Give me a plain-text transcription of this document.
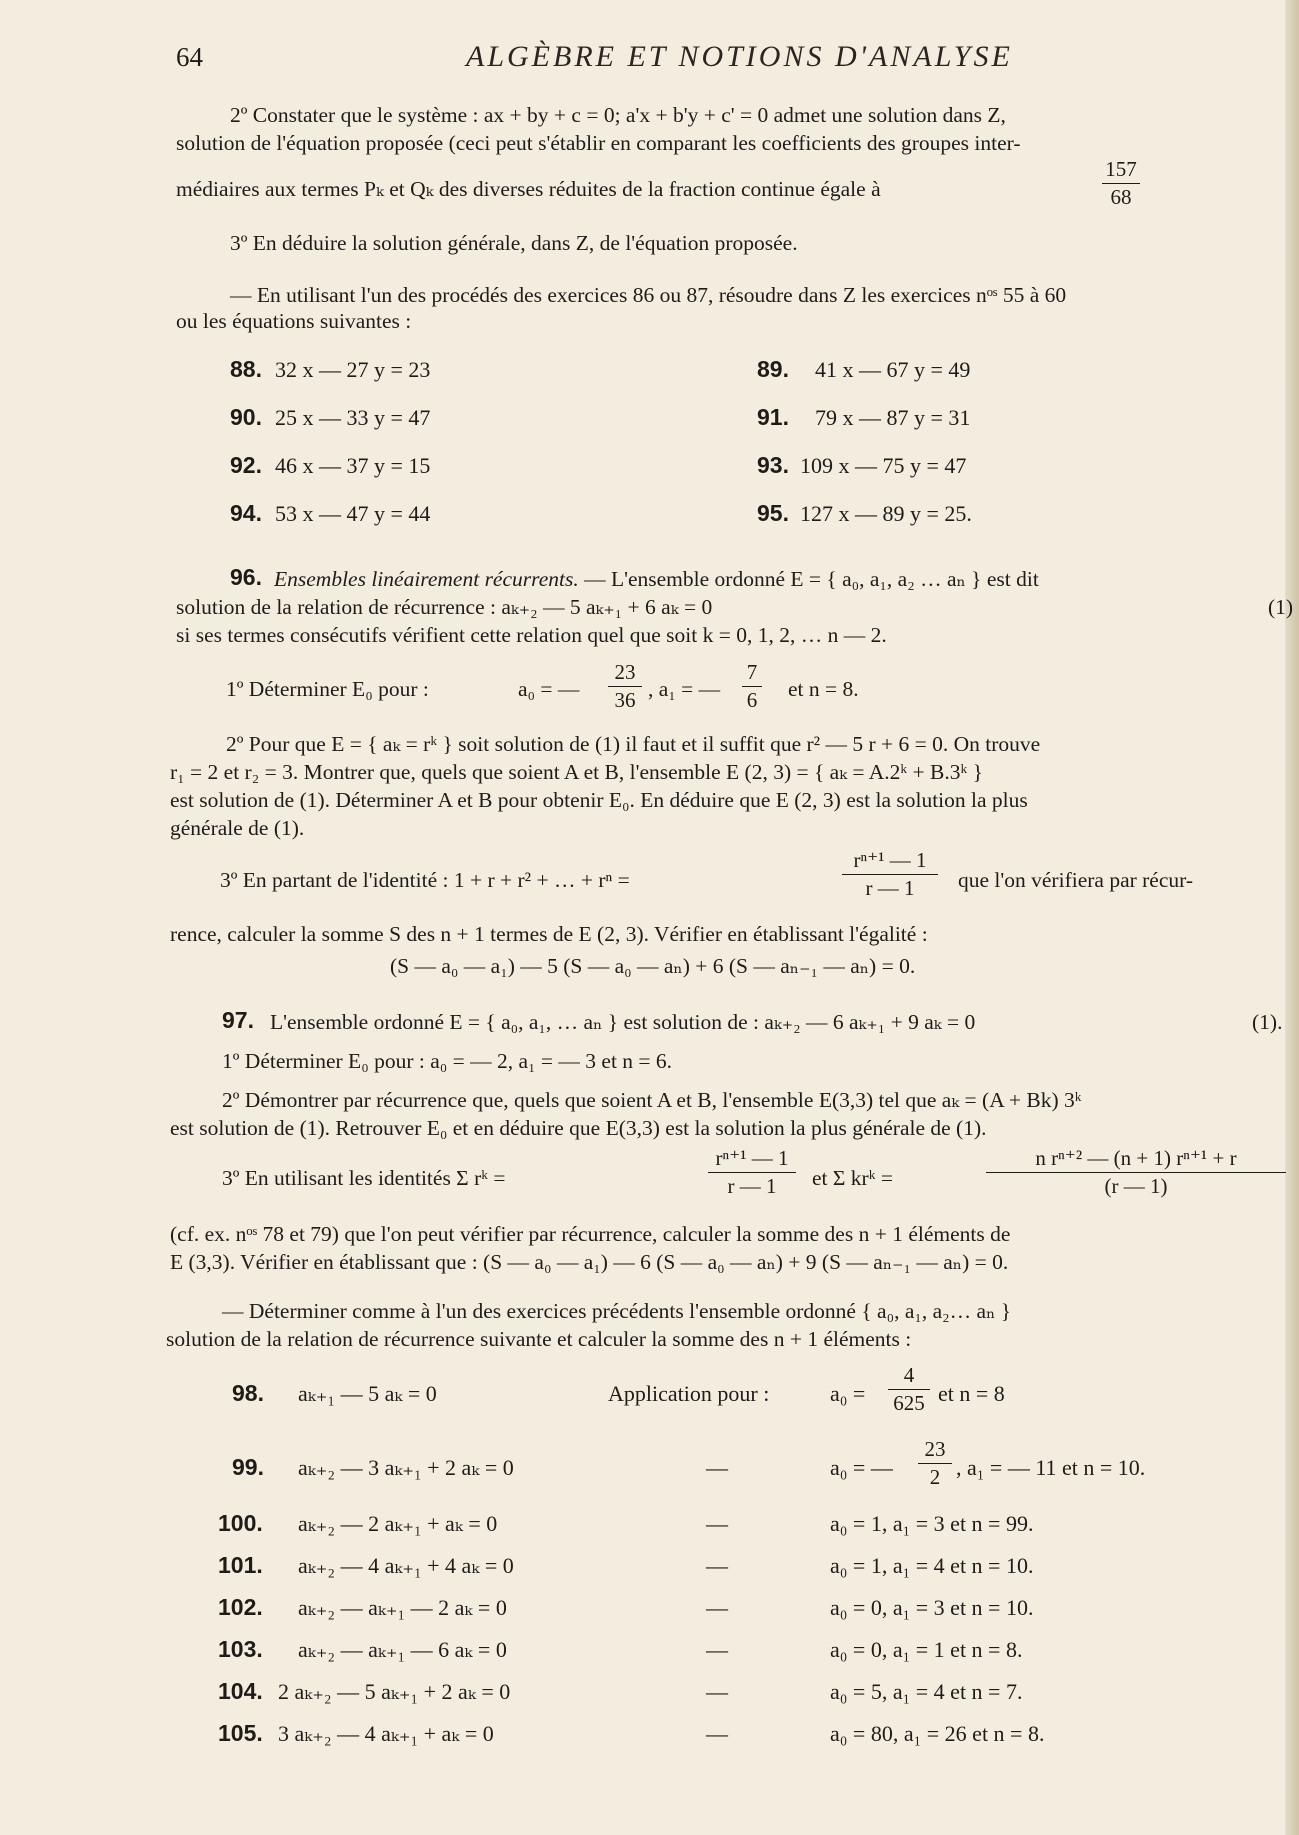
64	ALGÈBRE ET NOTIONS D'ANALYSE
2º Constater que le système : ax + by + c = 0; a'x + b'y + c' = 0 admet une solution dans Z,
solution de l'équation proposée (ceci peut s'établir en comparant les coefficients des groupes inter-
médiaires aux termes Pₖ et Qₖ des diverses réduites de la fraction continue égale à
157
68
3º En déduire la solution générale, dans Z, de l'équation proposée.
— En utilisant l'un des procédés des exercices 86 ou 87, résoudre dans Z les exercices nᵒˢ 55 à 60
ou les équations suivantes :
88. 32 x — 27 y = 23	89. 41 x — 67 y = 49
90. 25 x — 33 y = 47	91. 79 x — 87 y = 31
92. 46 x — 37 y = 15	93. 109 x — 75 y = 47
94. 53 x — 47 y = 44	95. 127 x — 89 y = 25.
96. Ensembles linéairement récurrents. — L'ensemble ordonné E = { a₀, a₁, a₂ … aₙ } est dit
solution de la relation de récurrence : aₖ₊₂ — 5 aₖ₊₁ + 6 aₖ = 0	(1)
si ses termes consécutifs vérifient cette relation quel que soit k = 0, 1, 2, … n — 2.
1º Déterminer E₀ pour :	a₀ = —
23
36 , a₁ = —
7
6 et n = 8.
2º Pour que E = { aₖ = rᵏ } soit solution de (1) il faut et il suffit que r² — 5 r + 6 = 0. On trouve
r₁ = 2 et r₂ = 3. Montrer que, quels que soient A et B, l'ensemble E (2, 3) = { aₖ = A.2ᵏ + B.3ᵏ }
est solution de (1). Déterminer A et B pour obtenir E₀. En déduire que E (2, 3) est la solution la plus
générale de (1).
3º En partant de l'identité : 1 + r + r² + … + rⁿ =
rⁿ⁺¹ — 1
r — 1	que l'on vérifiera par récur-
rence, calculer la somme S des n + 1 termes de E (2, 3). Vérifier en établissant l'égalité :
(S — a₀ — a₁) — 5 (S — a₀ — aₙ) + 6 (S — aₙ₋₁ — aₙ) = 0.
97. L'ensemble ordonné E = { a₀, a₁, … aₙ } est solution de : aₖ₊₂ — 6 aₖ₊₁ + 9 aₖ = 0	(1).
1º Déterminer E₀ pour : a₀ = — 2, a₁ = — 3 et n = 6.
2º Démontrer par récurrence que, quels que soient A et B, l'ensemble E(3,3) tel que aₖ = (A + Bk) 3ᵏ
est solution de (1). Retrouver E₀ et en déduire que E(3,3) est la solution la plus générale de (1).
3º En utilisant les identités Σ rᵏ =
rⁿ⁺¹ — 1
r — 1	et Σ krᵏ =
n rⁿ⁺² — (n + 1) rⁿ⁺¹ + r
(r — 1)
(cf. ex. nᵒˢ 78 et 79) que l'on peut vérifier par récurrence, calculer la somme des n + 1 éléments de
E (3,3). Vérifier en établissant que : (S — a₀ — a₁) — 6 (S — a₀ — aₙ) + 9 (S — aₙ₋₁ — aₙ) = 0.
— Déterminer comme à l'un des exercices précédents l'ensemble ordonné { a₀, a₁, a₂… aₙ }
solution de la relation de récurrence suivante et calculer la somme des n + 1 éléments :
98. aₖ₊₁ — 5 aₖ = 0	Application pour :	a₀ =
4
625 et n = 8
99. aₖ₊₂ — 3 aₖ₊₁ + 2 aₖ = 0	—	a₀ = —
23
2 , a₁ = — 11 et n = 10.
100. aₖ₊₂ — 2 aₖ₊₁ + aₖ = 0	—	a₀ = 1, a₁ = 3 et n = 99.
101. aₖ₊₂ — 4 aₖ₊₁ + 4 aₖ = 0	—	a₀ = 1, a₁ = 4 et n = 10.
102. aₖ₊₂ — aₖ₊₁ — 2 aₖ = 0	—	a₀ = 0, a₁ = 3 et n = 10.
103. aₖ₊₂ — aₖ₊₁ — 6 aₖ = 0	—	a₀ = 0, a₁ = 1 et n = 8.
104. 2 aₖ₊₂ — 5 aₖ₊₁ + 2 aₖ = 0	—	a₀ = 5, a₁ = 4 et n = 7.
105. 3 aₖ₊₂ — 4 aₖ₊₁ + aₖ = 0	—	a₀ = 80, a₁ = 26 et n = 8.
